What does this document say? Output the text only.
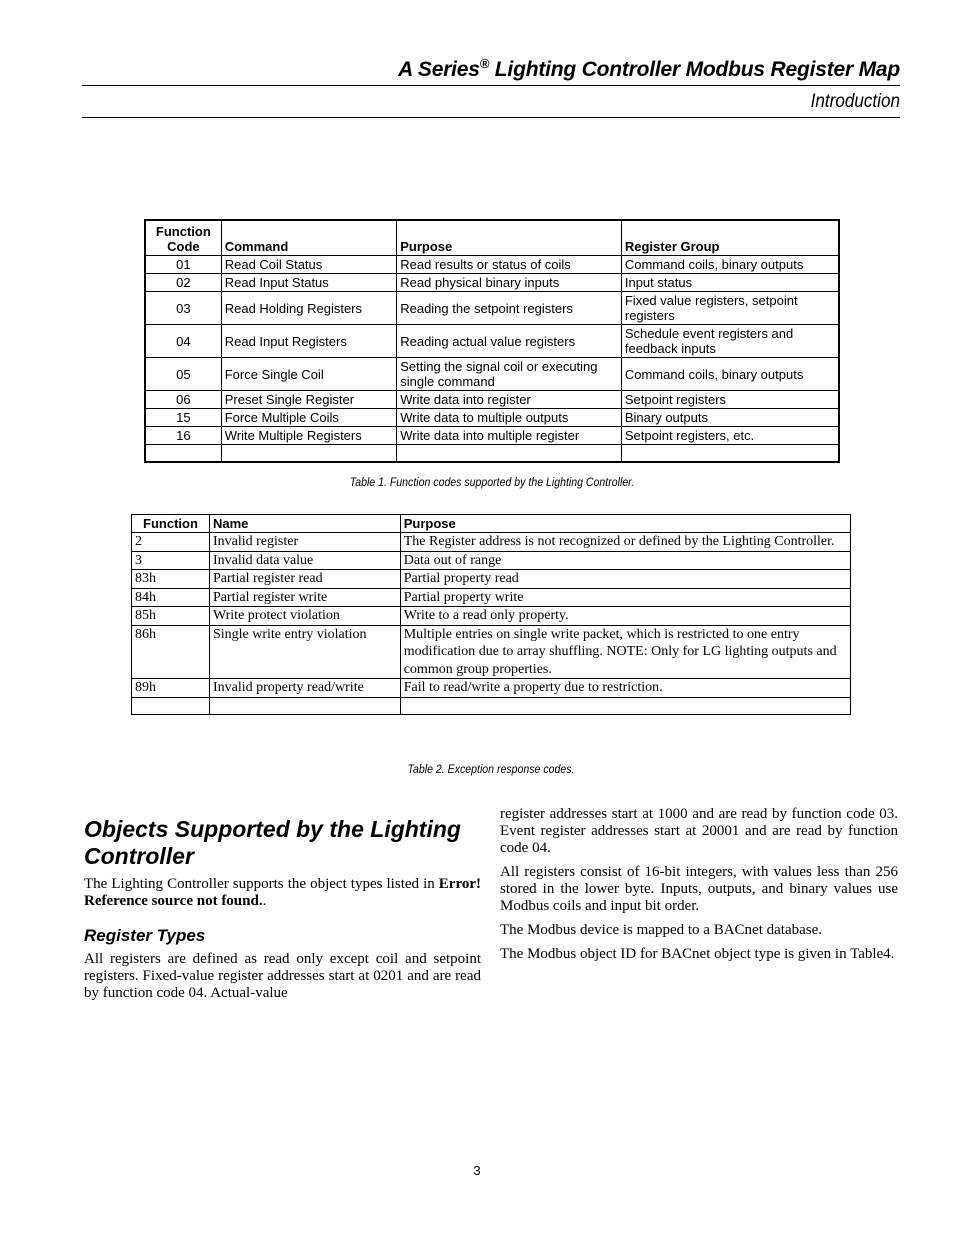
A Series® Lighting Controller Modbus Register Map
Introduction
Function
Code	Command	Purpose	Register Group
01	Read Coil Status	Read results or status of coils	Command coils, binary outputs
02	Read Input Status	Read physical binary inputs	Input status
03	Read Holding Registers	Reading the setpoint registers	Fixed value registers, setpoint registers
04	Read Input Registers	Reading actual value registers	Schedule event registers and feedback inputs
05	Force Single Coil	Setting the signal coil or executing single command	Command coils, binary outputs
06	Preset Single Register	Write data into register	Setpoint registers
15	Force Multiple Coils	Write data to multiple outputs	Binary outputs
16	Write Multiple Registers	Write data into multiple register	Setpoint registers, etc.

Table 1. Function codes supported by the Lighting Controller.
Function	Name	Purpose
2	Invalid register	The Register address is not recognized or defined by the Lighting Controller.
3	Invalid data value	Data out of range
83h	Partial register read	Partial property read
84h	Partial register write	Partial property write
85h	Write protect violation	Write to a read only property.
86h	Single write entry violation	Multiple entries on single write packet, which is restricted to one entry modification due to array shuffling. NOTE: Only for LG lighting outputs and common group properties.
89h	Invalid property read/write	Fail to read/write a property due to restriction.

Table 2. Exception response codes.
Objects Supported by the Lighting Controller

The Lighting Controller supports the object types listed in Error! Reference source not found..

Register Types

All registers are defined as read only except coil and setpoint registers. Fixed-value register addresses start at 0201 and are read by function code 04. Actual-value

register addresses start at 1000 and are read by function code 03. Event register addresses start at 20001 and are read by function code 04.

All registers consist of 16-bit integers, with values less than 256 stored in the lower byte. Inputs, outputs, and binary values use Modbus coils and input bit order.

The Modbus device is mapped to a BACnet database.

The Modbus object ID for BACnet object type is given in Table4.

3
